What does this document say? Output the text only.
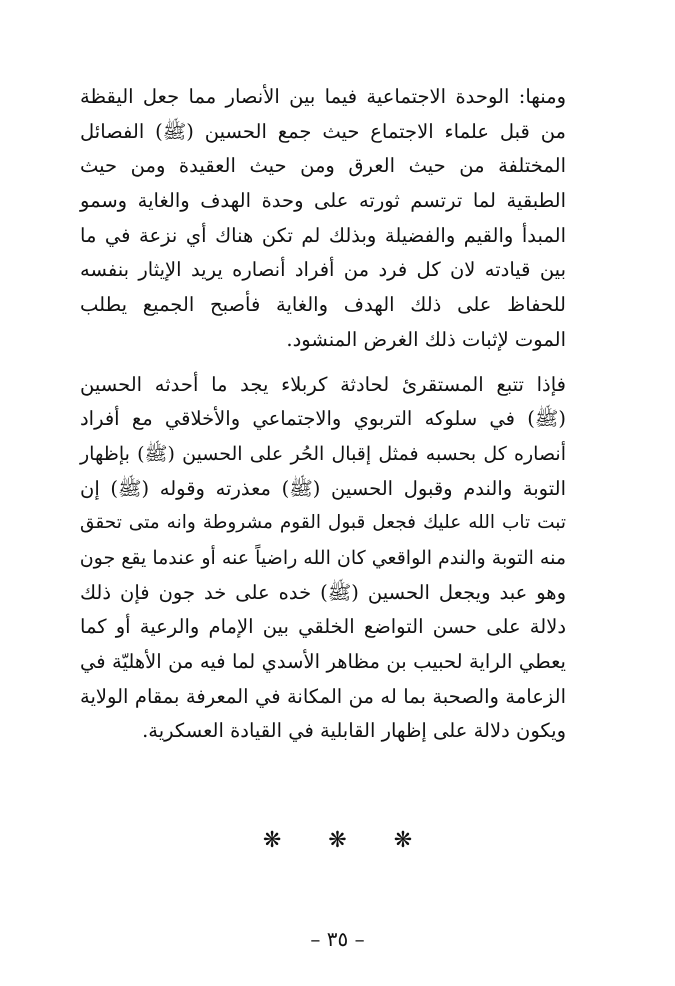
ومنها: الوحدة الاجتماعية فيما بين الأنصار مما جعل اليقظة
من قبل علماء الاجتماع حيث جمع الحسين (ﷺ) الفصائل
المختلفة من حيث العرق ومن حيث العقيدة ومن حيث
الطبقية لما ترتسم ثورته على وحدة الهدف والغاية وسمو
المبدأ والقيم والفضيلة وبذلك لم تكن هناك أي نزعة في ما
بين قيادته لان كل فرد من أفراد أنصاره يريد الإيثار بنفسه
للحفاظ على ذلك الهدف والغاية فأصبح الجميع يطلب
الموت لإثبات ذلك الغرض المنشود.
فإذا تتبع المستقرئ لحادثة كربلاء يجد ما أحدثه الحسين
(ﷺ) في سلوكه التربوي والاجتماعي والأخلاقي مع أفراد
أنصاره كل بحسبه فمثل إقبال الحُر على الحسين (ﷺ) بإظهار
التوبة والندم وقبول الحسين (ﷺ) معذرته وقوله (ﷺ) إن
تبت تاب الله عليك فجعل قبول القوم مشروطة وانه متى تحقق
منه التوبة والندم الواقعي كان الله راضياً عنه أو عندما يقع جون
وهو عبد ويجعل الحسين (ﷺ) خده على خد جون فإن ذلك
دلالة على حسن التواضع الخلقي بين الإمام والرعية أو كما
يعطي الراية لحبيب بن مظاهر الأسدي لما فيه من الأهليّة في
الزعامة والصحبة بما له من المكانة في المعرفة بمقام الولاية
ويكون دلالة على إظهار القابلية في القيادة العسكرية.
❋ ❋ ❋
– ٣٥ –
